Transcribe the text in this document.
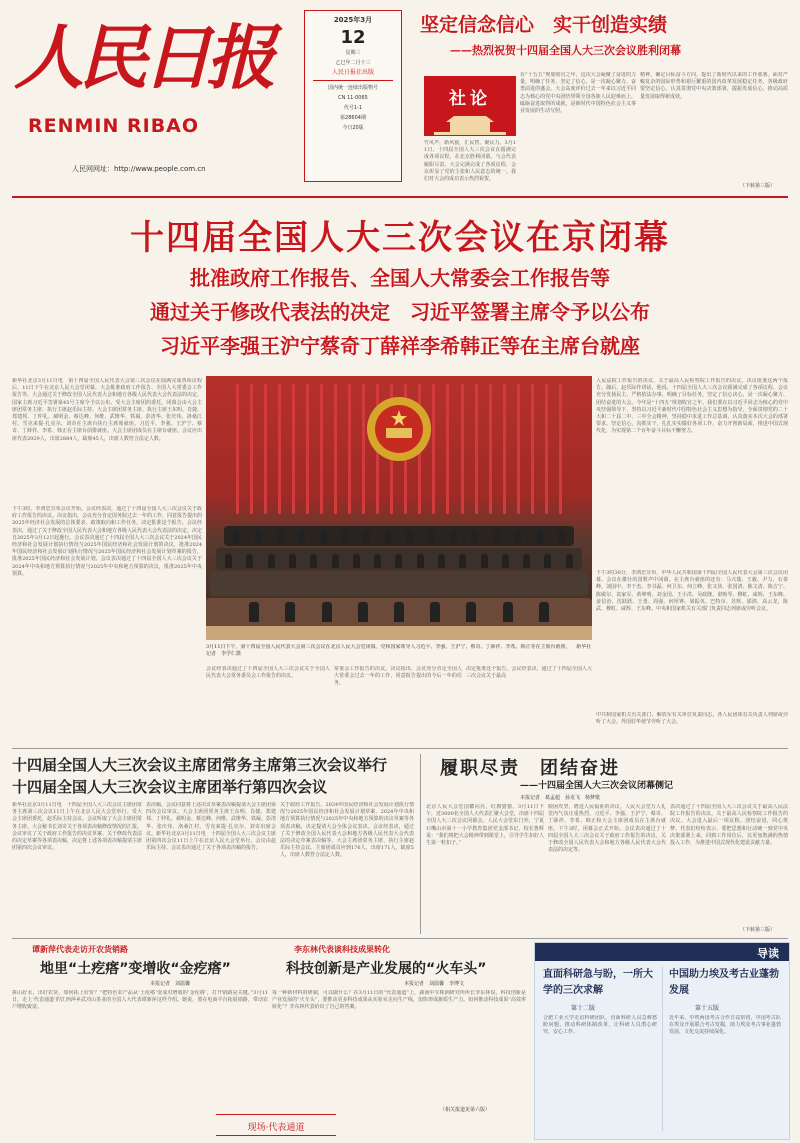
人民日报
RENMIN RIBAO
人民网网址：http://www.people.com.cn
2025年3月
12
星期三
乙巳年二月十三
人民日报社出版
国内统一连续出版物号
CN 11-0065
代号1-1
第28604期
今日20版
坚定信念信心　实干创造实绩
——热烈祝贺十四届全国人大三次会议胜利闭幕
社论
竹风声，新风貌，汇民智，聚民力。3月11日，十四届全国人大三次会议在圆满完成各项议程，在北京胜利闭幕。与会代表履职尽责，大会完满完成了各项议程，会议彰显了党的主张和人民意志的统一。我们对大会的成功表示热烈祝贺。
在“十五五”规划收官之年，这次大会凝聚了奋进的力量，明确了任务，坚定了信心，是一次凝心聚力、奋勇前进的盛会。大会高度评价过去一年来以习近平同志为核心的党中央团结带领全国各族人民迎难而上、砥砺奋进取得的成就，是新时代中国特色社会主义事业发展的生动写照。
精神，确定目标奋斗方向，提出了新时代以来的工作部署。面对严峻复杂的国际形势和艰巨繁重的国内改革发展稳定任务，各级政府要坚定信心，认真贯彻党中央决策部署，提振发展信心，推动高质量发展取得新成效。
（下转第三版）
十四届全国人大三次会议在京闭幕
批准政府工作报告、全国人大常委会工作报告等
通过关于修改代表法的决定　习近平签署主席令予以公布
习近平李强王沪宁蔡奇丁薛祥李希韩正等在主席台就座
新华社北京3月11日电　第十四届全国人民代表大会第三次会议在圆满完成各项议程后，11日下午在北京人民大会堂闭幕。大会批准政府工作报告、全国人大常委会工作报告等。大会通过关于修改全国人民代表大会和地方各级人民代表大会代表法的决定。国家主席习近平签署第45号主席令予以公布。受大会主席团的委托，闭幕会由大会主席团常务主席、执行主席赵乐际主持。大会主席团常务主席、执行主席王东明、肖捷、郑建邦、丁仲礼、郝明金、蔡达峰、何维、武维华、铁凝、彭清华、张庆伟、洛桑江村、雪克来提·扎克尔、刘奇在主席台执行主席席就座。习近平、李强、王沪宁、蔡奇、丁薛祥、李希、韩正在主席台前排就座。大会主席团成员在主席台就座。会议应出席代表2929人，出席2884人，缺席45人，出席人数符合法定人数。
下午3时，李鸿忠宣布会议开始。会议经表决，通过了十四届全国人大三次会议关于政府工作报告的决议。决议指出，会议充分肯定国务院过去一年的工作，同意报告提出的2025年经济社会发展的总体要求、政策取向和工作任务，决定批准这个报告。会议经表决，通过了关于修改全国人民代表大会和地方各级人民代表大会代表法的决定。决定自2025年3月12日起施行。会议表决通过了十四届全国人大三次会议关于2024年国民经济和社会发展计划执行情况与2025年国民经济和社会发展计划的决议，批准2024年国民经济和社会发展计划执行情况与2025年国民经济和社会发展计划草案的报告，批准2025年国民经济和社会发展计划。会议表决通过了十四届全国人大三次会议关于2024年中央和地方预算执行情况与2025年中央和地方预算的决议，批准2025年中央预算。
人民法院工作报告的决议、关于最高人民检察院工作报告的决议，决议批准这两个报告。随后，赵乐际作讲话。他说，十四届全国人大三次会议圆满完成了各项议程。会议充分发扬民主，严格依法办事，明确了目标任务，坚定了信心决心，是一次凝心聚力、团结奋进的大会。今年是“十四五”规划收官之年。我们要在以习近平同志为核心的党中央坚强领导下，坚持以习近平新时代中国特色社会主义思想为指导，全面贯彻党的二十大和二十届二中、三中全会精神，坚持稳中求进工作总基调，认真落实本次大会的部署要求，坚定信心，真抓实干，扎扎实实做好各项工作，奋力开创新局面，推进中国式现代化，为实现第二个百年奋斗目标不懈努力。
下午3时30分，李鸿忠宣布，中华人民共和国第十四届全国人民代表大会第三次会议闭幕。会议在雄壮的国歌声中闭幕。在主席台就座的还有：马兴瑞、王毅、尹力、石泰峰、刘国中、李干杰、李书磊、何卫东、何立峰、张又侠、张国清、陈文清、陈吉宁、陈敏尔、袁家军、黄坤明、刘金国、王小洪、吴政隆、谌贻琴、穆虹、咸辉、王东峰、姜信治、沈跃跃、王勇、周强、何厚铧、梁振英、巴特尔、苏辉、邵鸿、高云龙、陈武、穆虹、咸辉、王东峰。中央和国家机关有关部门负责同志列席或旁听会议。
中共和国家机关有关部门、解放军有关单位负责同志，各人民团体有关负责人列席或旁听了大会。外国驻华使节旁听了大会。
3月11日下午，第十四届全国人民代表大会第三次会议在北京人民大会堂闭幕。党和国家领导人习近平、李强、王沪宁、蔡奇、丁薛祥、李希、韩正等在主席台就座。 新华社记者　李学仁摄
会议经表决通过了十四届全国人大三次会议关于全国人民代表大会常务委员会工作报告的决议。
常委会工作报告的决议。决议指出，会议充分肯定全国人大常委会过去一年的工作，同意报告提出的今后一年的任务，
决定批准这个报告。会议经表决，通过了十四届全国人大三次会议关于最高
十四届全国人大三次会议主席团常务主席第三次会议举行
十四届全国人大三次会议主席团举行第四次会议
新华社北京3月11日电　十四届全国人大三次会议主席团常务主席第三次会议11日上午在北京人民大会堂举行。受大会主席团委托，赵乐际主持会议。会议听取了大会主席团常务主席、大会秘书长刘奇关于各项表决稿修改情况的汇报。会议审议了关于政府工作报告的决议草案、关于修改代表法的决定草案等各项表决稿，决定将上述各项表决稿提请主席团第四次会议审议。
表决稿。会议同意将上述决议草案表决稿提请大会主席团第四次会议审议。大会主席团常务主席王东明、肖捷、郑建邦、丁仲礼、郝明金、蔡达峰、何维、武维华、铁凝、彭清华、张庆伟、洛桑江村、雪克来提·扎克尔、刘奇出席会议。新华社北京3月11日电　十四届全国人大三次会议主席团第四次会议11日上午在北京人民大会堂举行，会议由赵乐际主持。会议表决通过了关于各项表决稿的报告。
关于政府工作报告、2024年国民经济和社会发展计划执行情况与2025年国民经济和社会发展计划草案、2024年中央和地方预算执行情况与2025年中央和地方预算的决议草案等各项表决稿，决定提请大会全体会议表决。会议经表决，通过了关于修改全国人民代表大会和地方各级人民代表大会代表法的决定草案表决稿等。大会主席团常务主席、执行主席赵乐际主持会议。主席团成员应到176人，出席171人，缺席5人，出席人数符合法定人数。
履职尽责　团结奋进
——十四届全国人大三次会议闭幕侧记
本报记者　葛孟超　孙龙飞　杨梦歌
北京人民大会堂国徽闪亮，红旗猎猎。3月11日下午，近3000名全国人大代表汇聚大会堂，出席十四届全国人大三次会议闭幕会。人民大会堂东门外，宁夏石嘴山市第十一小学教育集团党支部书记、校长鲁辉说：“我们将把大会精神带到课堂上，引导学生扣好人生第一粒扣子。”
脱困攻坚，增进人民福祉的决议。人民大会堂万人礼堂内气氛庄重热烈。习近平、李强、王沪宁、蔡奇、丁薛祥、李希、韩正和大会主席团成员在主席台就座。下午3时，闭幕会正式开始。会议表决通过了十四届全国人大三次会议关于政府工作报告的决议，关于修改全国人民代表大会和地方各级人民代表大会代表法的决定等。
表决通过了十四届全国人大三次会议关于最高人民法院工作报告的决议、关于最高人民检察院工作报告的决议。大会进入最后一项议程。团结奋进，同心筑梦。代表们纷纷表示，要把思想和行动统一到党中央决策部署上来，回到工作岗位后，以更加饱满的热情投入工作，为推进中国式现代化建设贡献力量。
（下转第三版）
谭新萍代表走访开农货销路
地里“土疙瘩”变增收“金疙瘩”
本报记者　刘温馨
拼山好水，出好农货，如何拓上好价？“把特色农产品从‘土疙瘩’变成对增收的‘金疙瘩’，打开销路是关键。”3月11日，走上‘代表通道’的江西萍乡武功山茶业的全国人大代表谭新萍这样介绍。她说，要在电商平台拓展销路，带动农户增收致富。
李东林代表谈科技成果转化
科技创新是产业发展的“火车头”
本报记者　刘温馨　李博文
每一种新材料的研制，可以做什么？在3月11日的“代表通道”上，湖南中车株洲研究所所长李东林说，科技创新是产业发展的“火车头”，要推动更多科技成果从实验室走向生产线，加快形成新质生产力。如何推动科技成果“高效率转化”？李东林代表给出了自己的答案。
（相关报道见第六版）
现场·代表通道
导读
直面科研急与盼，一所大学的三次求解
第十二版
合肥工业大学走访科研团队，直面科研人员急难愁盼问题，推动科研体制改革，让科研人员潜心研究、安心工作。
中国助力埃及考古业蓬勃发展
第十五版
近年来，中埃两国考古合作日益密切。中国考古队在埃及开展联合考古发掘，助力埃及考古事业蓬勃发展，文化交流持续深化。
